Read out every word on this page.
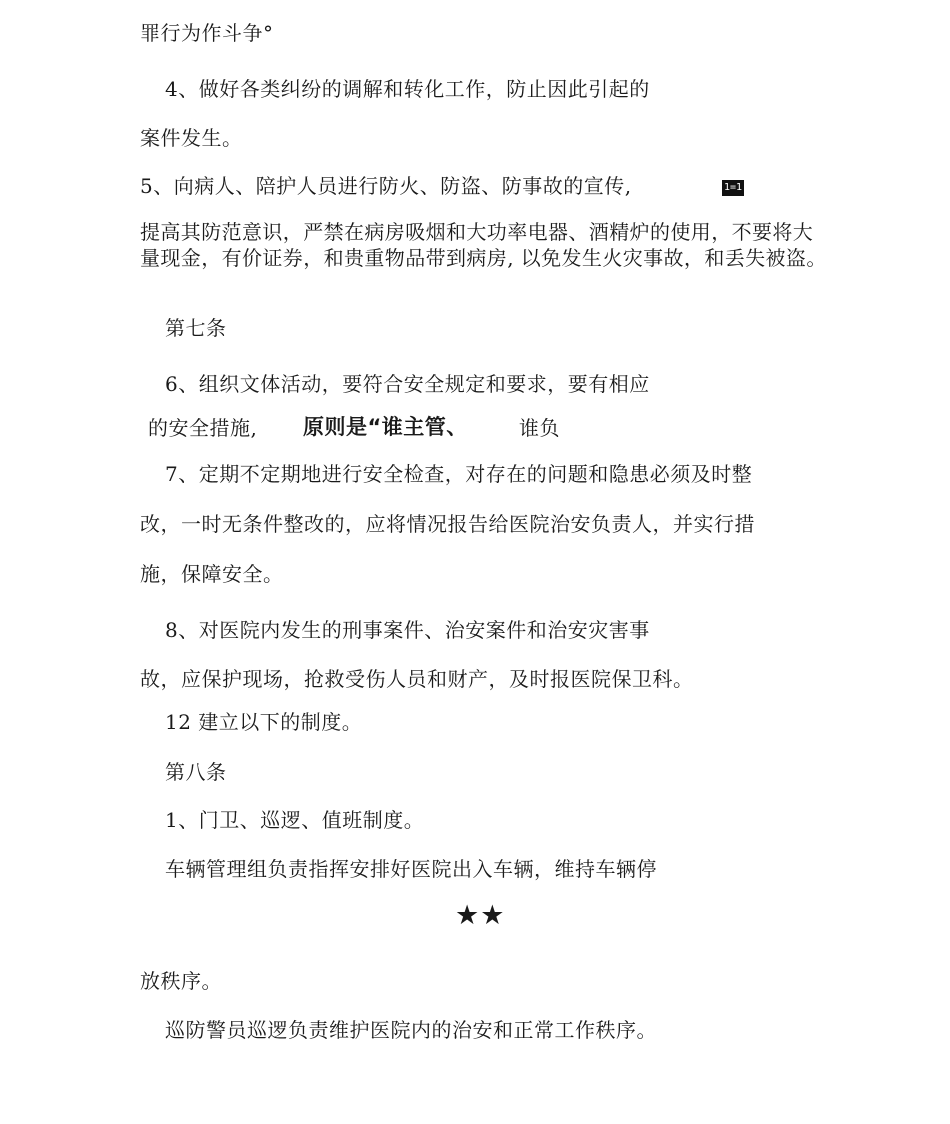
罪行为作斗争°
4、做好各类纠纷的调解和转化工作，防止因此引起的
案件发生。
5、向病人、陪护人员进行防火、防盗、防事故的宣传,	1=1
提高其防范意识，严禁在病房吸烟和大功率电器、酒精炉的使用，不要将大量现金，有价证券，和贵重物品带到病房, 以免发生火灾事故，和丢失被盗。
第七条
6、组织文体活动，要符合安全规定和要求，要有相应
的安全措施, 原则是“谁主管、	谁负
7、定期不定期地进行安全检查，对存在的问题和隐患必须及时整
改，一时无条件整改的，应将情况报告给医院治安负责人，并实行措
施，保障安全。
8、对医院内发生的刑事案件、治安案件和治安灾害事
故，应保护现场，抢救受伤人员和财产，及时报医院保卫科。
12 建立以下的制度。
第八条
1、门卫、巡逻、值班制度。
车辆管理组负责指挥安排好医院出入车辆，维持车辆停
★★
放秩序。
巡防警员巡逻负责维护医院内的治安和正常工作秩序。
